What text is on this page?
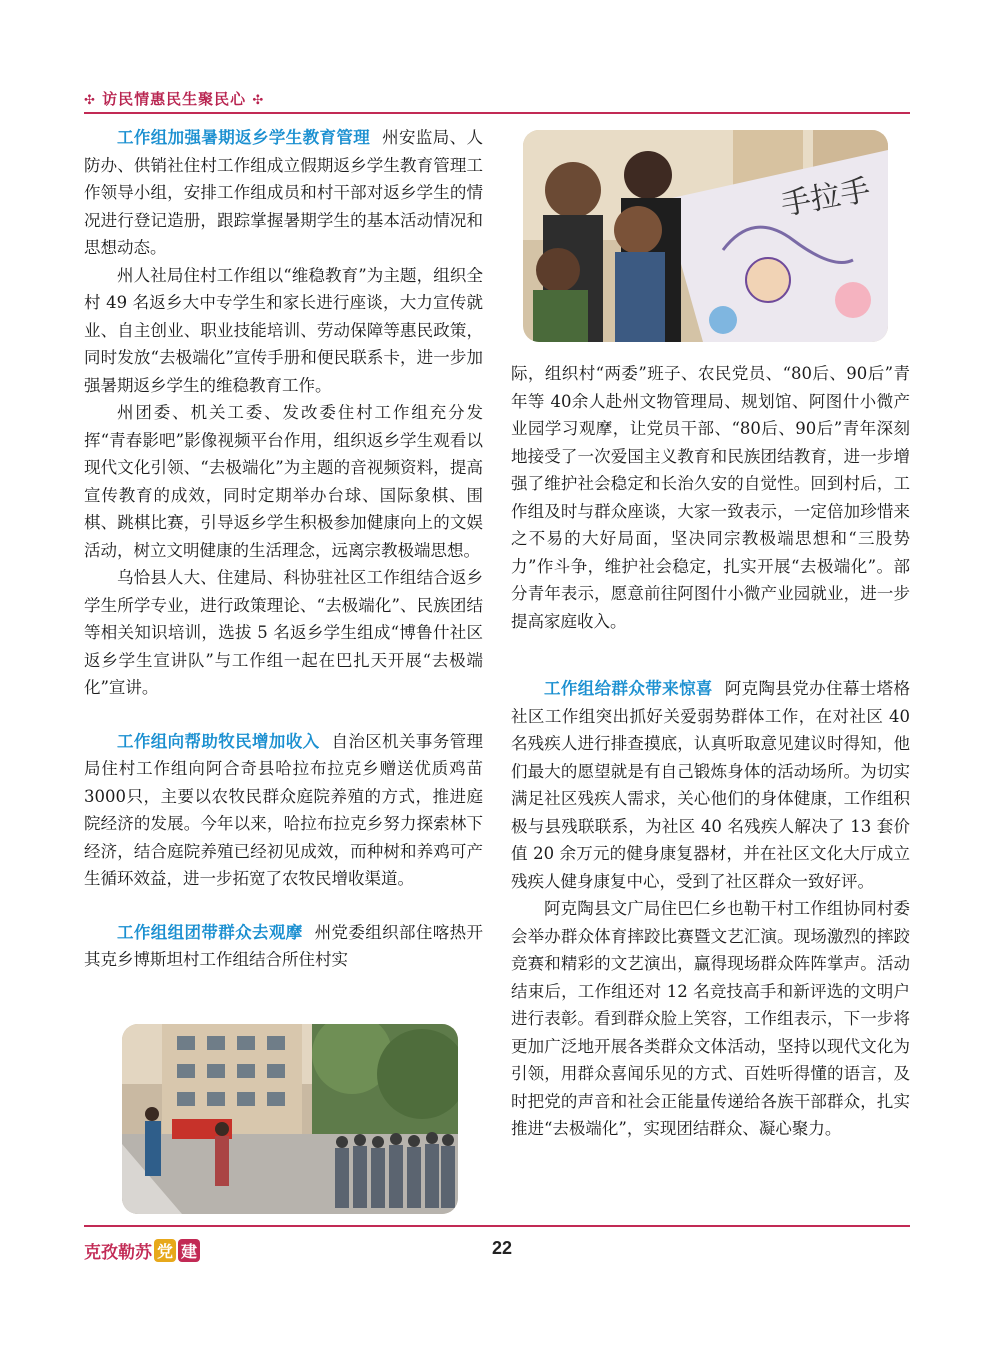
✣ 访民情惠民生聚民心 ✣

工作组加强暑期返乡学生教育管理 州安监局、人防办、供销社住村工作组成立假期返乡学生教育管理工作领导小组，安排工作组成员和村干部对返乡学生的情况进行登记造册，跟踪掌握暑期学生的基本活动情况和思想动态。

州人社局住村工作组以“维稳教育”为主题，组织全村 49 名返乡大中专学生和家长进行座谈，大力宣传就业、自主创业、职业技能培训、劳动保障等惠民政策，同时发放“去极端化”宣传手册和便民联系卡，进一步加强暑期返乡学生的维稳教育工作。

州团委、机关工委、发改委住村工作组充分发挥“青春影吧”影像视频平台作用，组织返乡学生观看以现代文化引领、“去极端化”为主题的音视频资料，提高宣传教育的成效，同时定期举办台球、国际象棋、围棋、跳棋比赛，引导返乡学生积极参加健康向上的文娱活动，树立文明健康的生活理念，远离宗教极端思想。

乌恰县人大、住建局、科协驻社区工作组结合返乡学生所学专业，进行政策理论、“去极端化”、民族团结等相关知识培训，选拔 5 名返乡学生组成“博鲁什社区返乡学生宣讲队”与工作组一起在巴扎天开展“去极端化”宣讲。

工作组向帮助牧民增加收入 自治区机关事务管理局住村工作组向阿合奇县哈拉布拉克乡赠送优质鸡苗3000只，主要以农牧民群众庭院养殖的方式，推进庭院经济的发展。今年以来，哈拉布拉克乡努力探索林下经济，结合庭院养殖已经初见成效，而种树和养鸡可产生循环效益，进一步拓宽了农牧民增收渠道。

工作组组团带群众去观摩 州党委组织部住喀热开其克乡博斯坦村工作组结合所住村实

手拉手

际，组织村“两委”班子、农民党员、“80后、90后”青年等 40余人赴州文物管理局、规划馆、阿图什小微产业园学习观摩，让党员干部、“80后、90后”青年深刻地接受了一次爱国主义教育和民族团结教育，进一步增强了维护社会稳定和长治久安的自觉性。回到村后，工作组及时与群众座谈，大家一致表示，一定倍加珍惜来之不易的大好局面，坚决同宗教极端思想和“三股势力”作斗争，维护社会稳定，扎实开展“去极端化”。部分青年表示，愿意前往阿图什小微产业园就业，进一步提高家庭收入。

工作组给群众带来惊喜 阿克陶县党办住幕士塔格社区工作组突出抓好关爱弱势群体工作，在对社区 40 名残疾人进行排查摸底，认真听取意见建议时得知，他们最大的愿望就是有自己锻炼身体的活动场所。为切实满足社区残疾人需求，关心他们的身体健康，工作组积极与县残联联系，为社区 40 名残疾人解决了 13 套价值 20 余万元的健身康复器材，并在社区文化大厅成立残疾人健身康复中心，受到了社区群众一致好评。

阿克陶县文广局住巴仁乡也勒干村工作组协同村委会举办群众体育摔跤比赛暨文艺汇演。现场激烈的摔跤竞赛和精彩的文艺演出，赢得现场群众阵阵掌声。活动结束后，工作组还对 12 名竞技高手和新评选的文明户进行表彰。看到群众脸上笑容，工作组表示，下一步将更加广泛地开展各类群众文体活动，坚持以现代文化为引领，用群众喜闻乐见的方式、百姓听得懂的语言，及时把党的声音和社会正能量传递给各族干部群众，扎实推进“去极端化”，实现团结群众、凝心聚力。

克孜勒苏 党 建	22
